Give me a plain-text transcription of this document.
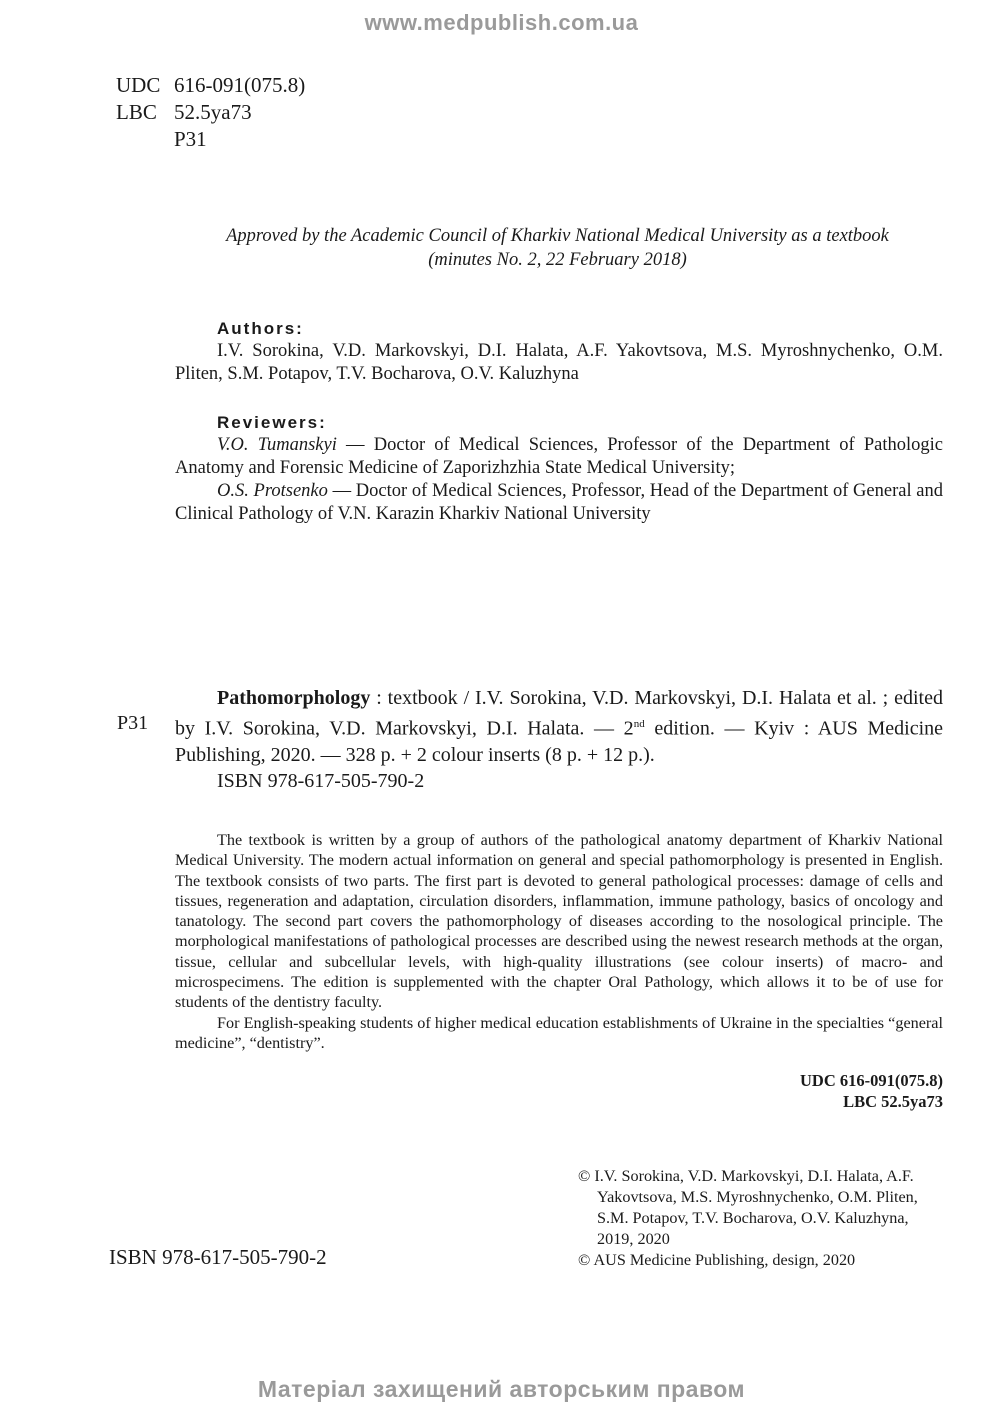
www.medpublish.com.ua
UDC 616-091(075.8)
LBC 52.5ya73
P31
Approved by the Academic Council of Kharkiv National Medical University as a textbook
(minutes No. 2, 22 February 2018)
Authors:

I.V. Sorokina, V.D. Markovskyi, D.I. Halata, A.F. Yakovtsova, M.S. Myroshnychenko, O.M. Pliten, S.M. Potapov, T.V. Bocharova, O.V. Kaluzhyna

Reviewers:

V.O. Tumanskyi — Doctor of Medical Sciences, Professor of the Department of Pathologic Anatomy and Forensic Medicine of Zaporizhzhia State Medical University;

O.S. Protsenko — Doctor of Medical Sciences, Professor, Head of the Department of General and Clinical Pathology of V.N. Karazin Kharkiv National University

P31
Pathomorphology : textbook / I.V. Sorokina, V.D. Markovskyi, D.I. Halata et al. ; edited by I.V. Sorokina, V.D. Markovskyi, D.I. Halata. — 2nd edition. — Kyiv : AUS Medicine Publishing, 2020. — 328 p. + 2 colour inserts (8 p. + 12 p.).
ISBN 978-617-505-790-2

The textbook is written by a group of authors of the pathological anatomy department of Kharkiv National Medical University. The modern actual information on general and special pathomorphology is presented in English. The textbook consists of two parts. The first part is devoted to general pathological processes: damage of cells and tissues, regeneration and adaptation, circulation disorders, inflammation, immune pathology, basics of oncology and tanatology. The second part covers the pathomorphology of diseases according to the nosological principle. The morphological manifestations of pathological processes are described using the newest research methods at the organ, tissue, cellular and subcellular levels, with high-quality illustrations (see colour inserts) of macro- and microspecimens. The edition is supplemented with the chapter Oral Pathology, which allows it to be of use for students of the dentistry faculty.

For English-speaking students of higher medical education establishments of Ukraine in the specialties “general medicine”, “dentistry”.

UDC 616-091(075.8)
LBC 52.5ya73
© I.V. Sorokina, V.D. Markovskyi, D.I. Halata, A.F. Yakovtsova, M.S. Myroshnychenko, O.M. Pliten, S.M. Potapov, T.V. Bocharova, O.V. Kaluzhyna, 2019, 2020
© AUS Medicine Publishing, design, 2020
ISBN 978-617-505-790-2
Матеріал захищений авторським правом
